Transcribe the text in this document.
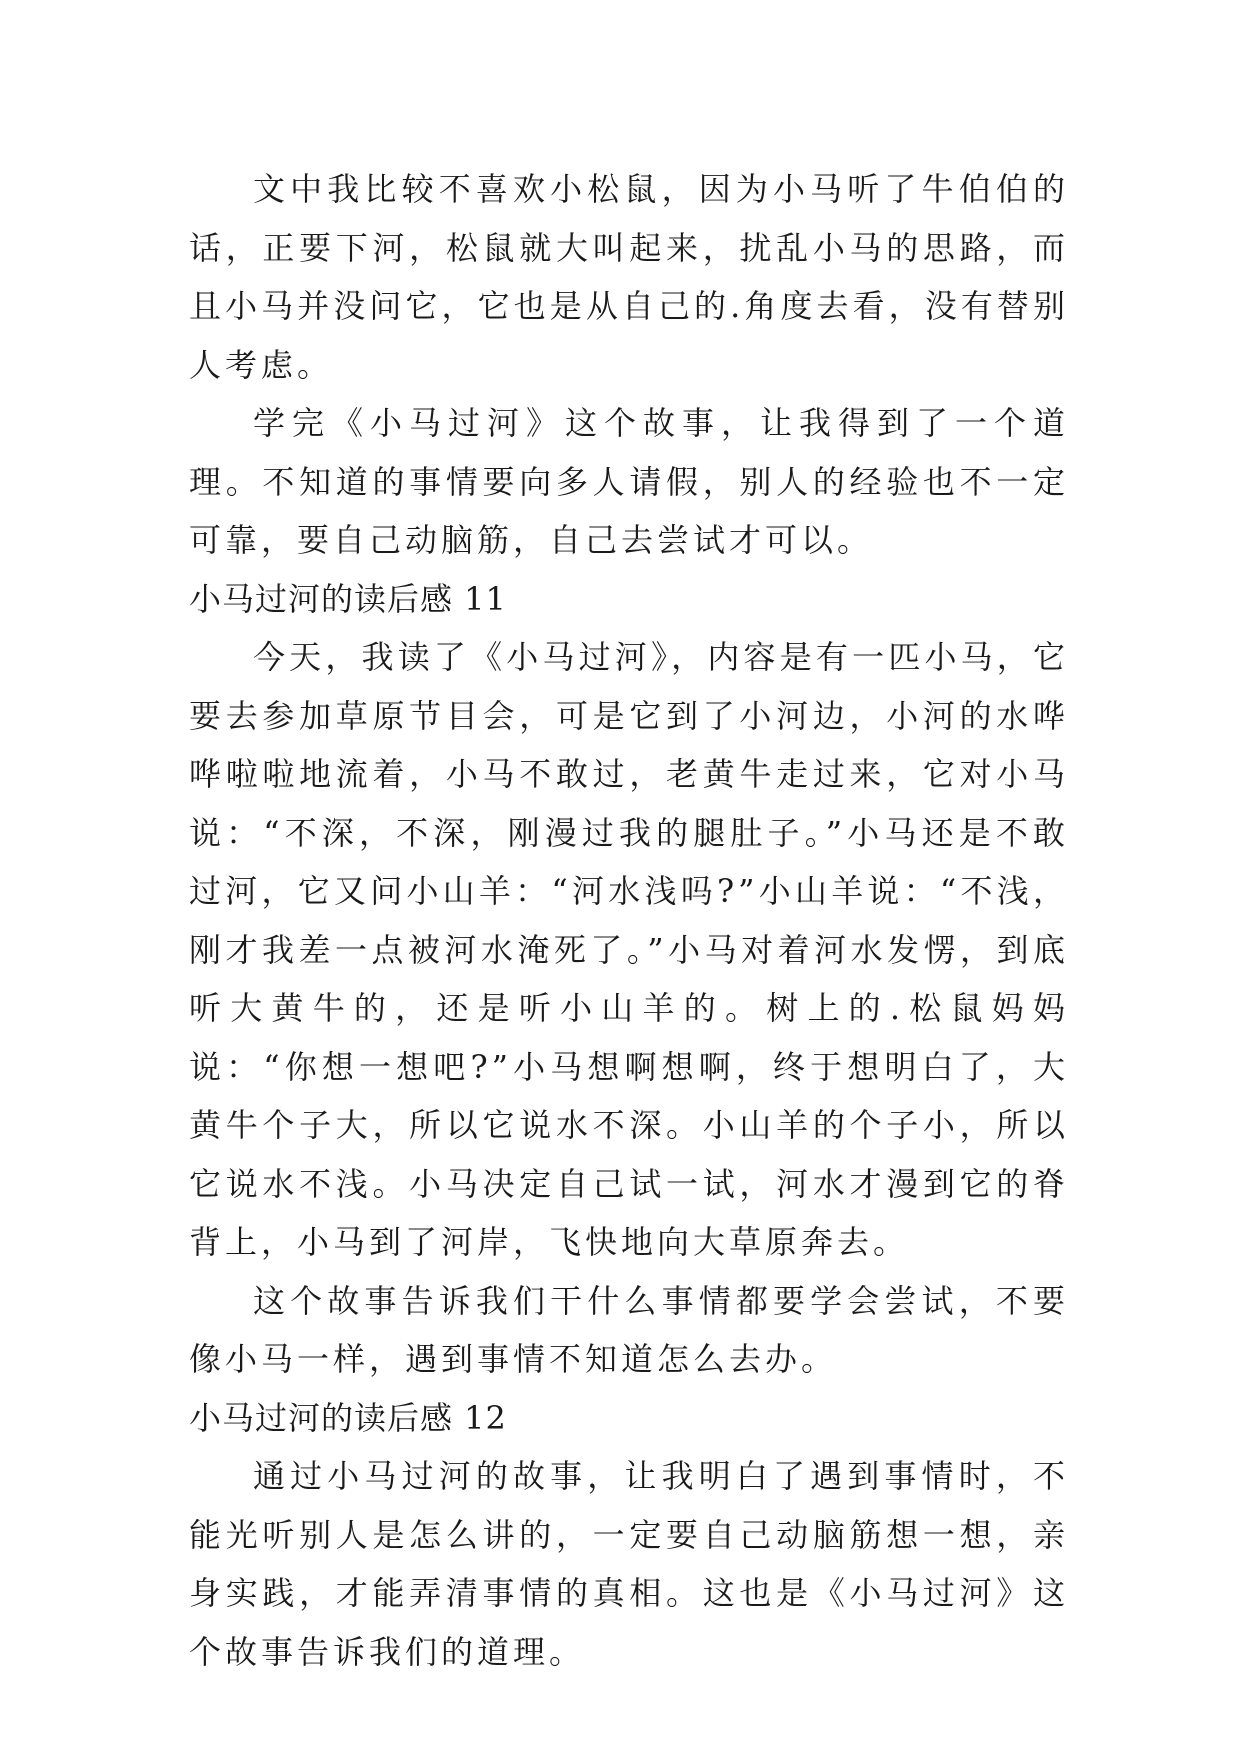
文中我比较不喜欢小松鼠，因为小马听了牛伯伯的话，正要下河，松鼠就大叫起来，扰乱小马的思路，而且小马并没问它，它也是从自己的.角度去看，没有替别人考虑。

学完《小马过河》这个故事，让我得到了一个道理。不知道的事情要向多人请假，别人的经验也不一定可靠，要自己动脑筋，自己去尝试才可以。

小马过河的读后感 11

今天，我读了《小马过河》，内容是有一匹小马，它要去参加草原节目会，可是它到了小河边，小河的水哗哗啦啦地流着，小马不敢过，老黄牛走过来，它对小马说：“不深，不深，刚漫过我的腿肚子。”小马还是不敢过河，它又问小山羊：“河水浅吗?”小山羊说：“不浅，刚才我差一点被河水淹死了。”小马对着河水发愣，到底听大黄牛的，还是听小山羊的。树上的.松鼠妈妈说：“你想一想吧?”小马想啊想啊，终于想明白了，大黄牛个子大，所以它说水不深。小山羊的个子小，所以它说水不浅。小马决定自己试一试，河水才漫到它的脊背上，小马到了河岸，飞快地向大草原奔去。

这个故事告诉我们干什么事情都要学会尝试，不要像小马一样，遇到事情不知道怎么去办。

小马过河的读后感 12

通过小马过河的故事，让我明白了遇到事情时，不能光听别人是怎么讲的，一定要自己动脑筋想一想，亲身实践，才能弄清事情的真相。这也是《小马过河》这个故事告诉我们的道理。
